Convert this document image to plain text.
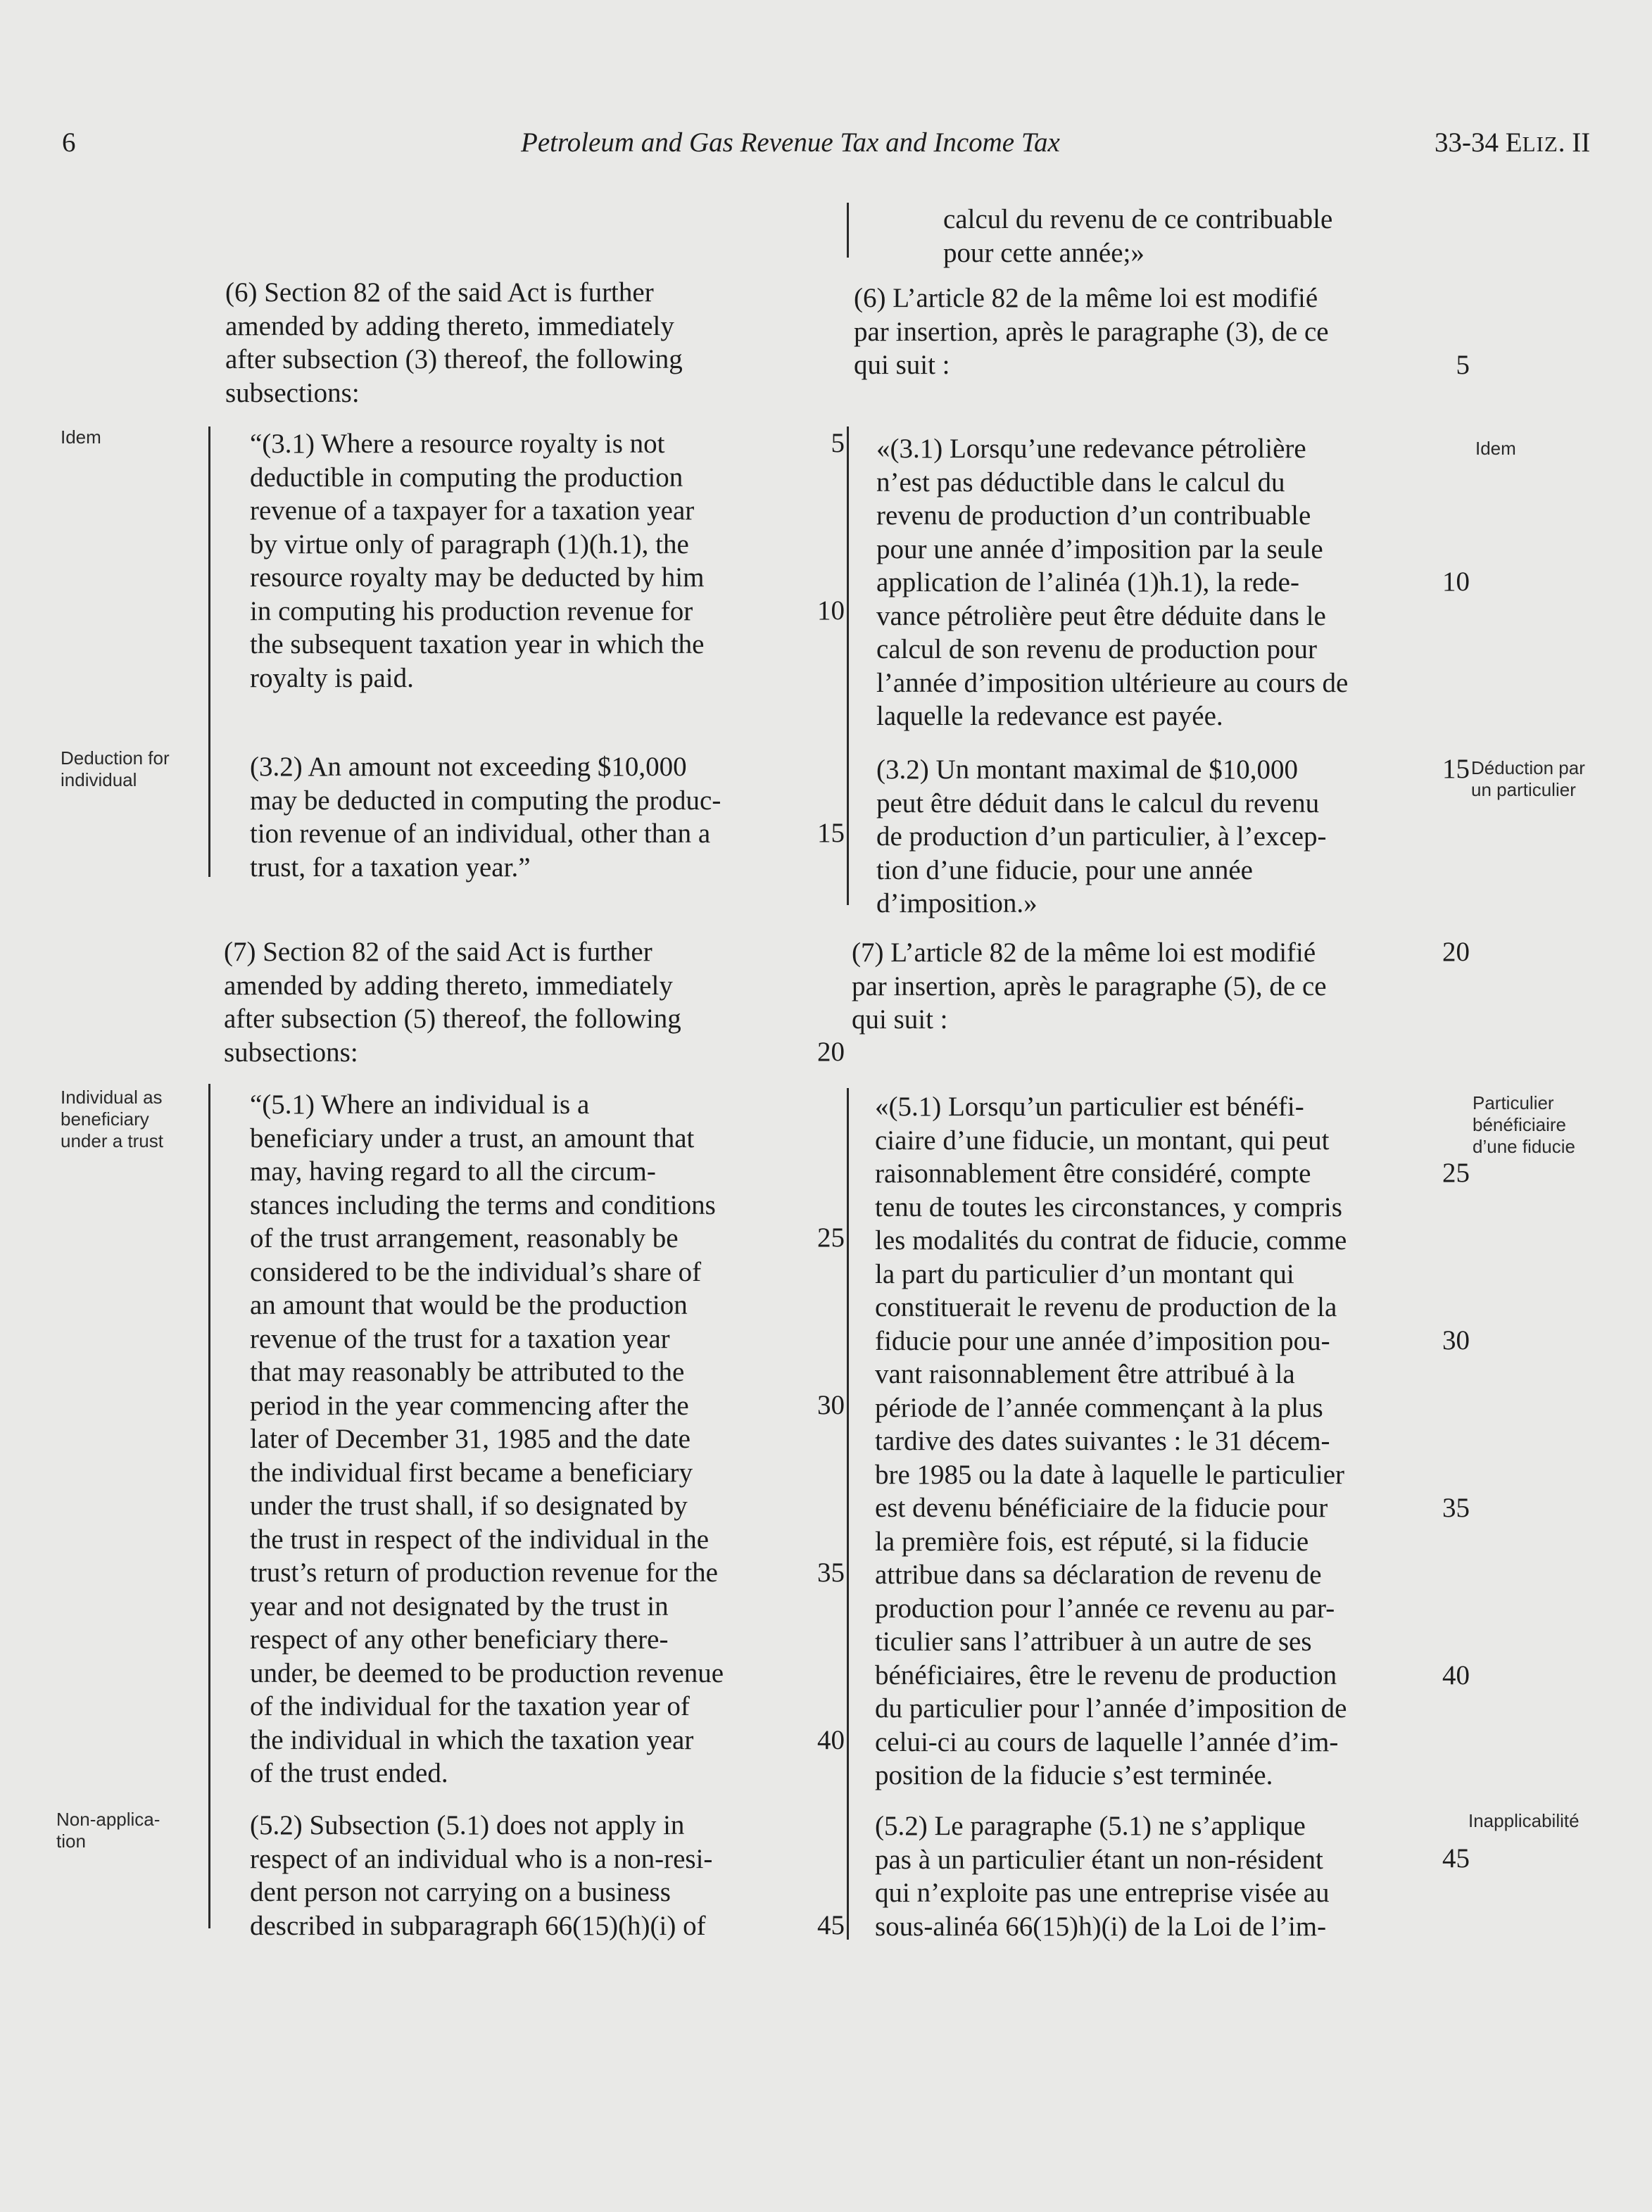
6	Petroleum and Gas Revenue Tax and Income Tax	33-34 ELIZ. II
(6) Section 82 of the said Act is further
amended by adding thereto, immediately
after subsection (3) thereof, the following
subsections:
“(3.1) Where a resource royalty is not
deductible in computing the production
revenue of a taxpayer for a taxation year
by virtue only of paragraph (1)(h.1), the
resource royalty may be deducted by him
in computing his production revenue for
the subsequent taxation year in which the
royalty is paid.
(3.2) An amount not exceeding $10,000
may be deducted in computing the produc-
tion revenue of an individual, other than a
trust, for a taxation year.”
(7) Section 82 of the said Act is further
amended by adding thereto, immediately
after subsection (5) thereof, the following
subsections:
“(5.1) Where an individual is a
beneficiary under a trust, an amount that
may, having regard to all the circum-
stances including the terms and conditions
of the trust arrangement, reasonably be
considered to be the individual’s share of
an amount that would be the production
revenue of the trust for a taxation year
that may reasonably be attributed to the
period in the year commencing after the
later of December 31, 1985 and the date
the individual first became a beneficiary
under the trust shall, if so designated by
the trust in respect of the individual in the
trust’s return of production revenue for the
year and not designated by the trust in
respect of any other beneficiary there-
under, be deemed to be production revenue
of the individual for the taxation year of
the individual in which the taxation year
of the trust ended.
(5.2) Subsection (5.1) does not apply in
respect of an individual who is a non-resi-
dent person not carrying on a business
described in subparagraph 66(15)(h)(i) of
5
10
15
20
25
30
35
40
45
Idem
Deduction for
individual
Individual as
beneficiary
under a trust
Non-applica-
tion
calcul du revenu de ce contribuable
pour cette année;»
(6) L’article 82 de la même loi est modifié
par insertion, après le paragraphe (3), de ce
qui suit :
«(3.1) Lorsqu’une redevance pétrolière
n’est pas déductible dans le calcul du
revenu de production d’un contribuable
pour une année d’imposition par la seule
application de l’alinéa (1)h.1), la rede-
vance pétrolière peut être déduite dans le
calcul de son revenu de production pour
l’année d’imposition ultérieure au cours de
laquelle la redevance est payée.
(3.2) Un montant maximal de $10,000
peut être déduit dans le calcul du revenu
de production d’un particulier, à l’excep-
tion d’une fiducie, pour une année
d’imposition.»
(7) L’article 82 de la même loi est modifié
par insertion, après le paragraphe (5), de ce
qui suit :
«(5.1) Lorsqu’un particulier est bénéfi-
ciaire d’une fiducie, un montant, qui peut
raisonnablement être considéré, compte
tenu de toutes les circonstances, y compris
les modalités du contrat de fiducie, comme
la part du particulier d’un montant qui
constituerait le revenu de production de la
fiducie pour une année d’imposition pou-
vant raisonnablement être attribué à la
période de l’année commençant à la plus
tardive des dates suivantes : le 31 décem-
bre 1985 ou la date à laquelle le particulier
est devenu bénéficiaire de la fiducie pour
la première fois, est réputé, si la fiducie
attribue dans sa déclaration de revenu de
production pour l’année ce revenu au par-
ticulier sans l’attribuer à un autre de ses
bénéficiaires, être le revenu de production
du particulier pour l’année d’imposition de
celui-ci au cours de laquelle l’année d’im-
position de la fiducie s’est terminée.
(5.2) Le paragraphe (5.1) ne s’applique
pas à un particulier étant un non-résident
qui n’exploite pas une entreprise visée au
sous-alinéa 66(15)h)(i) de la Loi de l’im-
5
10
15
20
25
30
35
40
45
Idem
Déduction par
un particulier
Particulier
bénéficiaire
d’une fiducie
Inapplicabilité
